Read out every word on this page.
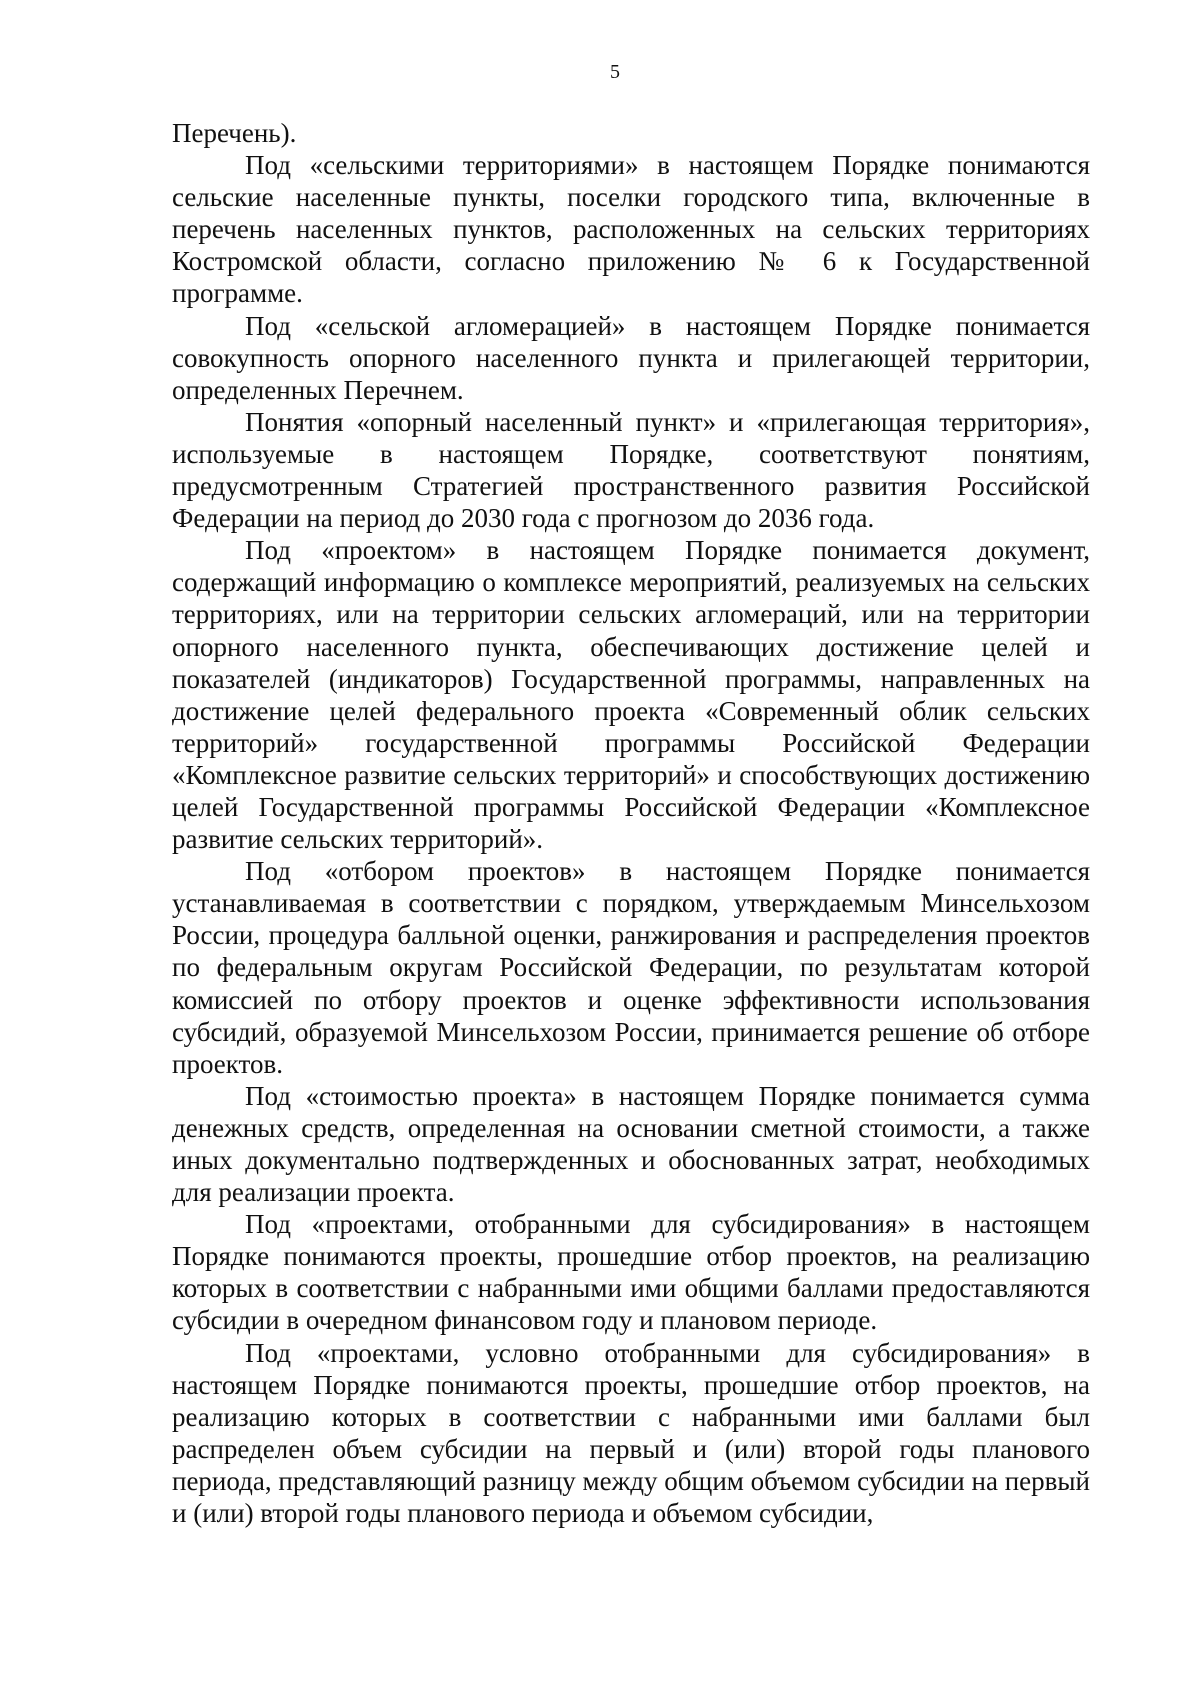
5

Перечень).

Под «сельскими территориями» в настоящем Порядке понимаются сельские населенные пункты, поселки городского типа, включенные в перечень населенных пунктов, расположенных на сельских территориях Костромской области, согласно приложению № 6 к Государственной программе.

Под «сельской агломерацией» в настоящем Порядке понимается совокупность опорного населенного пункта и прилегающей территории, определенных Перечнем.

Понятия «опорный населенный пункт» и «прилегающая территория», используемые в настоящем Порядке, соответствуют понятиям, предусмотренным Стратегией пространственного развития Российской Федерации на период до 2030 года с прогнозом до 2036 года.

Под «проектом» в настоящем Порядке понимается документ, содержащий информацию о комплексе мероприятий, реализуемых на сельских территориях, или на территории сельских агломераций, или на территории опорного населенного пункта, обеспечивающих достижение целей и показателей (индикаторов) Государственной программы, направленных на достижение целей федерального проекта «Современный облик сельских территорий» государственной программы Российской Федерации «Комплексное развитие сельских территорий» и способствующих достижению целей Государственной программы Российской Федерации «Комплексное развитие сельских территорий».

Под «отбором проектов» в настоящем Порядке понимается устанавливаемая в соответствии с порядком, утверждаемым Минсельхозом России, процедура балльной оценки, ранжирования и распределения проектов по федеральным округам Российской Федерации, по результатам которой комиссией по отбору проектов и оценке эффективности использования субсидий, образуемой Минсельхозом России, принимается решение об отборе проектов.

Под «стоимостью проекта» в настоящем Порядке понимается сумма денежных средств, определенная на основании сметной стоимости, а также иных документально подтвержденных и обоснованных затрат, необходимых для реализации проекта.

Под «проектами, отобранными для субсидирования» в настоящем Порядке понимаются проекты, прошедшие отбор проектов, на реализацию которых в соответствии с набранными ими общими баллами предоставляются субсидии в очередном финансовом году и плановом периоде.

Под «проектами, условно отобранными для субсидирования» в настоящем Порядке понимаются проекты, прошедшие отбор проектов, на реализацию которых в соответствии с набранными ими баллами был распределен объем субсидии на первый и (или) второй годы планового периода, представляющий разницу между общим объемом субсидии на первый и (или) второй годы планового периода и объемом субсидии,
